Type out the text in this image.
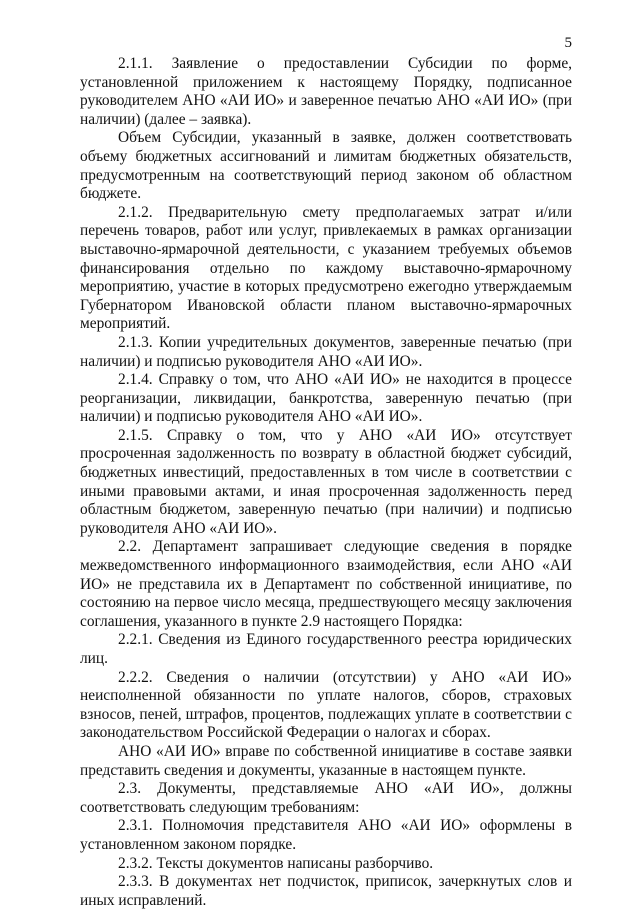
5

2.1.1. Заявление о предоставлении Субсидии по форме, установленной приложением к настоящему Порядку, подписанное руководителем АНО «АИ ИО» и заверенное печатью АНО «АИ ИО» (при наличии) (далее – заявка).

Объем Субсидии, указанный в заявке, должен соответствовать объему бюджетных ассигнований и лимитам бюджетных обязательств, предусмотренным на соответствующий период законом об областном бюджете.

2.1.2. Предварительную смету предполагаемых затрат и/или перечень товаров, работ или услуг, привлекаемых в рамках организации выставочно-ярмарочной деятельности, с указанием требуемых объемов финансирования отдельно по каждому выставочно-ярмарочному мероприятию, участие в которых предусмотрено ежегодно утверждаемым Губернатором Ивановской области планом выставочно-ярмарочных мероприятий.

2.1.3. Копии учредительных документов, заверенные печатью (при наличии) и подписью руководителя АНО «АИ ИО».

2.1.4. Справку о том, что АНО «АИ ИО» не находится в процессе реорганизации, ликвидации, банкротства, заверенную печатью (при наличии) и подписью руководителя АНО «АИ ИО».

2.1.5. Справку о том, что у АНО «АИ ИО» отсутствует просроченная задолженность по возврату в областной бюджет субсидий, бюджетных инвестиций, предоставленных в том числе в соответствии с иными правовыми актами, и иная просроченная задолженность перед областным бюджетом, заверенную печатью (при наличии) и подписью руководителя АНО «АИ ИО».

2.2. Департамент запрашивает следующие сведения в порядке межведомственного информационного взаимодействия, если АНО «АИ ИО» не представила их в Департамент по собственной инициативе, по состоянию на первое число месяца, предшествующего месяцу заключения соглашения, указанного в пункте 2.9 настоящего Порядка:

2.2.1. Сведения из Единого государственного реестра юридических лиц.

2.2.2. Сведения о наличии (отсутствии) у АНО «АИ ИО» неисполненной обязанности по уплате налогов, сборов, страховых взносов, пеней, штрафов, процентов, подлежащих уплате в соответствии с законодательством Российской Федерации о налогах и сборах.

АНО «АИ ИО» вправе по собственной инициативе в составе заявки представить сведения и документы, указанные в настоящем пункте.

2.3. Документы, представляемые АНО «АИ ИО», должны соответствовать следующим требованиям:

2.3.1. Полномочия представителя АНО «АИ ИО» оформлены в установленном законом порядке.

2.3.2. Тексты документов написаны разборчиво.

2.3.3. В документах нет подчисток, приписок, зачеркнутых слов и иных исправлений.
